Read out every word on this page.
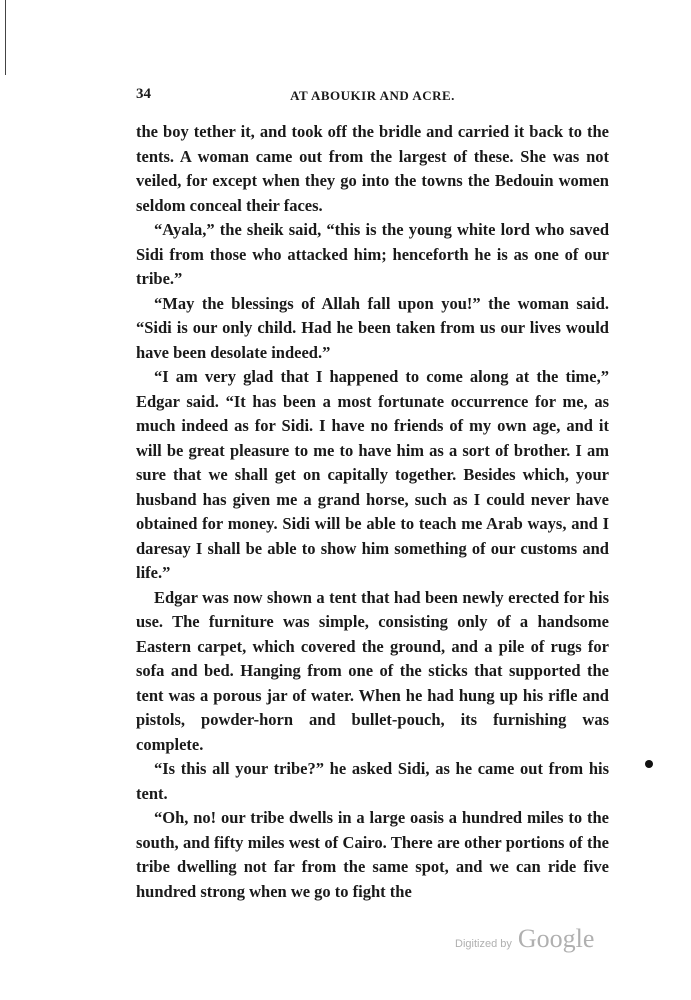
34	AT ABOUKIR AND ACRE.

the boy tether it, and took off the bridle and carried it back to the tents. A woman came out from the largest of these. She was not veiled, for except when they go into the towns the Bedouin women seldom conceal their faces.

“Ayala,” the sheik said, “this is the young white lord who saved Sidi from those who attacked him; henceforth he is as one of our tribe.”

“May the blessings of Allah fall upon you!” the woman said. “Sidi is our only child. Had he been taken from us our lives would have been desolate indeed.”

“I am very glad that I happened to come along at the time,” Edgar said. “It has been a most fortunate occurrence for me, as much indeed as for Sidi. I have no friends of my own age, and it will be great pleasure to me to have him as a sort of brother. I am sure that we shall get on capitally together. Besides which, your husband has given me a grand horse, such as I could never have obtained for money. Sidi will be able to teach me Arab ways, and I daresay I shall be able to show him something of our customs and life.”

Edgar was now shown a tent that had been newly erected for his use. The furniture was simple, consisting only of a handsome Eastern carpet, which covered the ground, and a pile of rugs for sofa and bed. Hanging from one of the sticks that supported the tent was a porous jar of water. When he had hung up his rifle and pistols, powder-horn and bullet-pouch, its furnishing was complete.

“Is this all your tribe?” he asked Sidi, as he came out from his tent.

“Oh, no! our tribe dwells in a large oasis a hundred miles to the south, and fifty miles west of Cairo. There are other portions of the tribe dwelling not far from the same spot, and we can ride five hundred strong when we go to fight the

Digitized by Google
